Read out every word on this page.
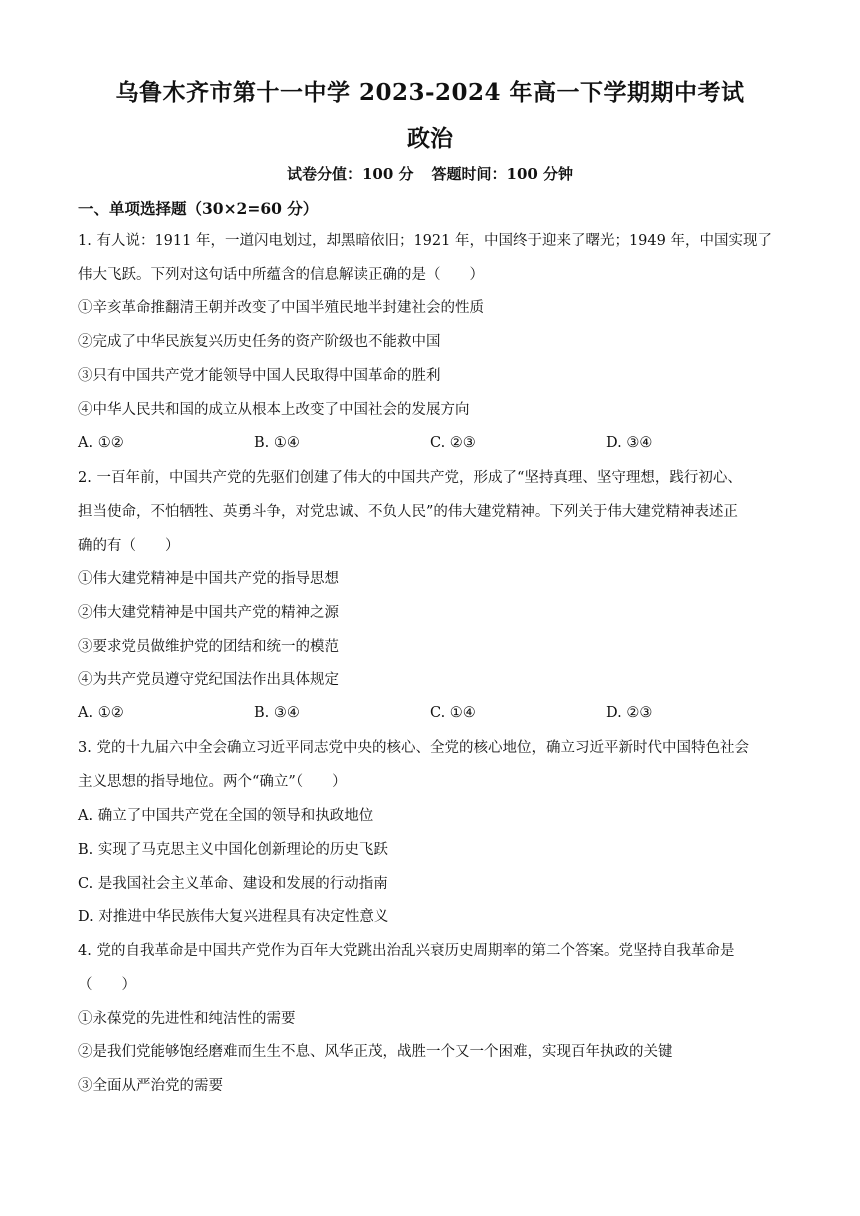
乌鲁木齐市第十一中学 2023-2024 年高一下学期期中考试
政治
试卷分值：100 分 答题时间：100 分钟
一、单项选择题（30×2=60 分）
1. 有人说：1911 年，一道闪电划过，却黑暗依旧；1921 年，中国终于迎来了曙光；1949 年，中国实现了
伟大飞跃。下列对这句话中所蕴含的信息解读正确的是（　　）
①辛亥革命推翻清王朝并改变了中国半殖民地半封建社会的性质
②完成了中华民族复兴历史任务的资产阶级也不能救中国
③只有中国共产党才能领导中国人民取得中国革命的胜利
④中华人民共和国的成立从根本上改变了中国社会的发展方向
A. ①②	B. ①④	C. ②③	D. ③④
2. 一百年前，中国共产党的先驱们创建了伟大的中国共产党，形成了“坚持真理、坚守理想，践行初心、
担当使命，不怕牺牲、英勇斗争，对党忠诚、不负人民”的伟大建党精神。下列关于伟大建党精神表述正
确的有（　　）
①伟大建党精神是中国共产党的指导思想
②伟大建党精神是中国共产党的精神之源
③要求党员做维护党的团结和统一的模范
④为共产党员遵守党纪国法作出具体规定
A. ①②	B. ③④	C. ①④	D. ②③
3. 党的十九届六中全会确立习近平同志党中央的核心、全党的核心地位，确立习近平新时代中国特色社会
主义思想的指导地位。两个“确立”（　　）
A. 确立了中国共产党在全国的领导和执政地位
B. 实现了马克思主义中国化创新理论的历史飞跃
C. 是我国社会主义革命、建设和发展的行动指南
D. 对推进中华民族伟大复兴进程具有决定性意义
4. 党的自我革命是中国共产党作为百年大党跳出治乱兴衰历史周期率的第二个答案。党坚持自我革命是
（　　）
①永葆党的先进性和纯洁性的需要
②是我们党能够饱经磨难而生生不息、风华正茂，战胜一个又一个困难，实现百年执政的关键
③全面从严治党的需要
